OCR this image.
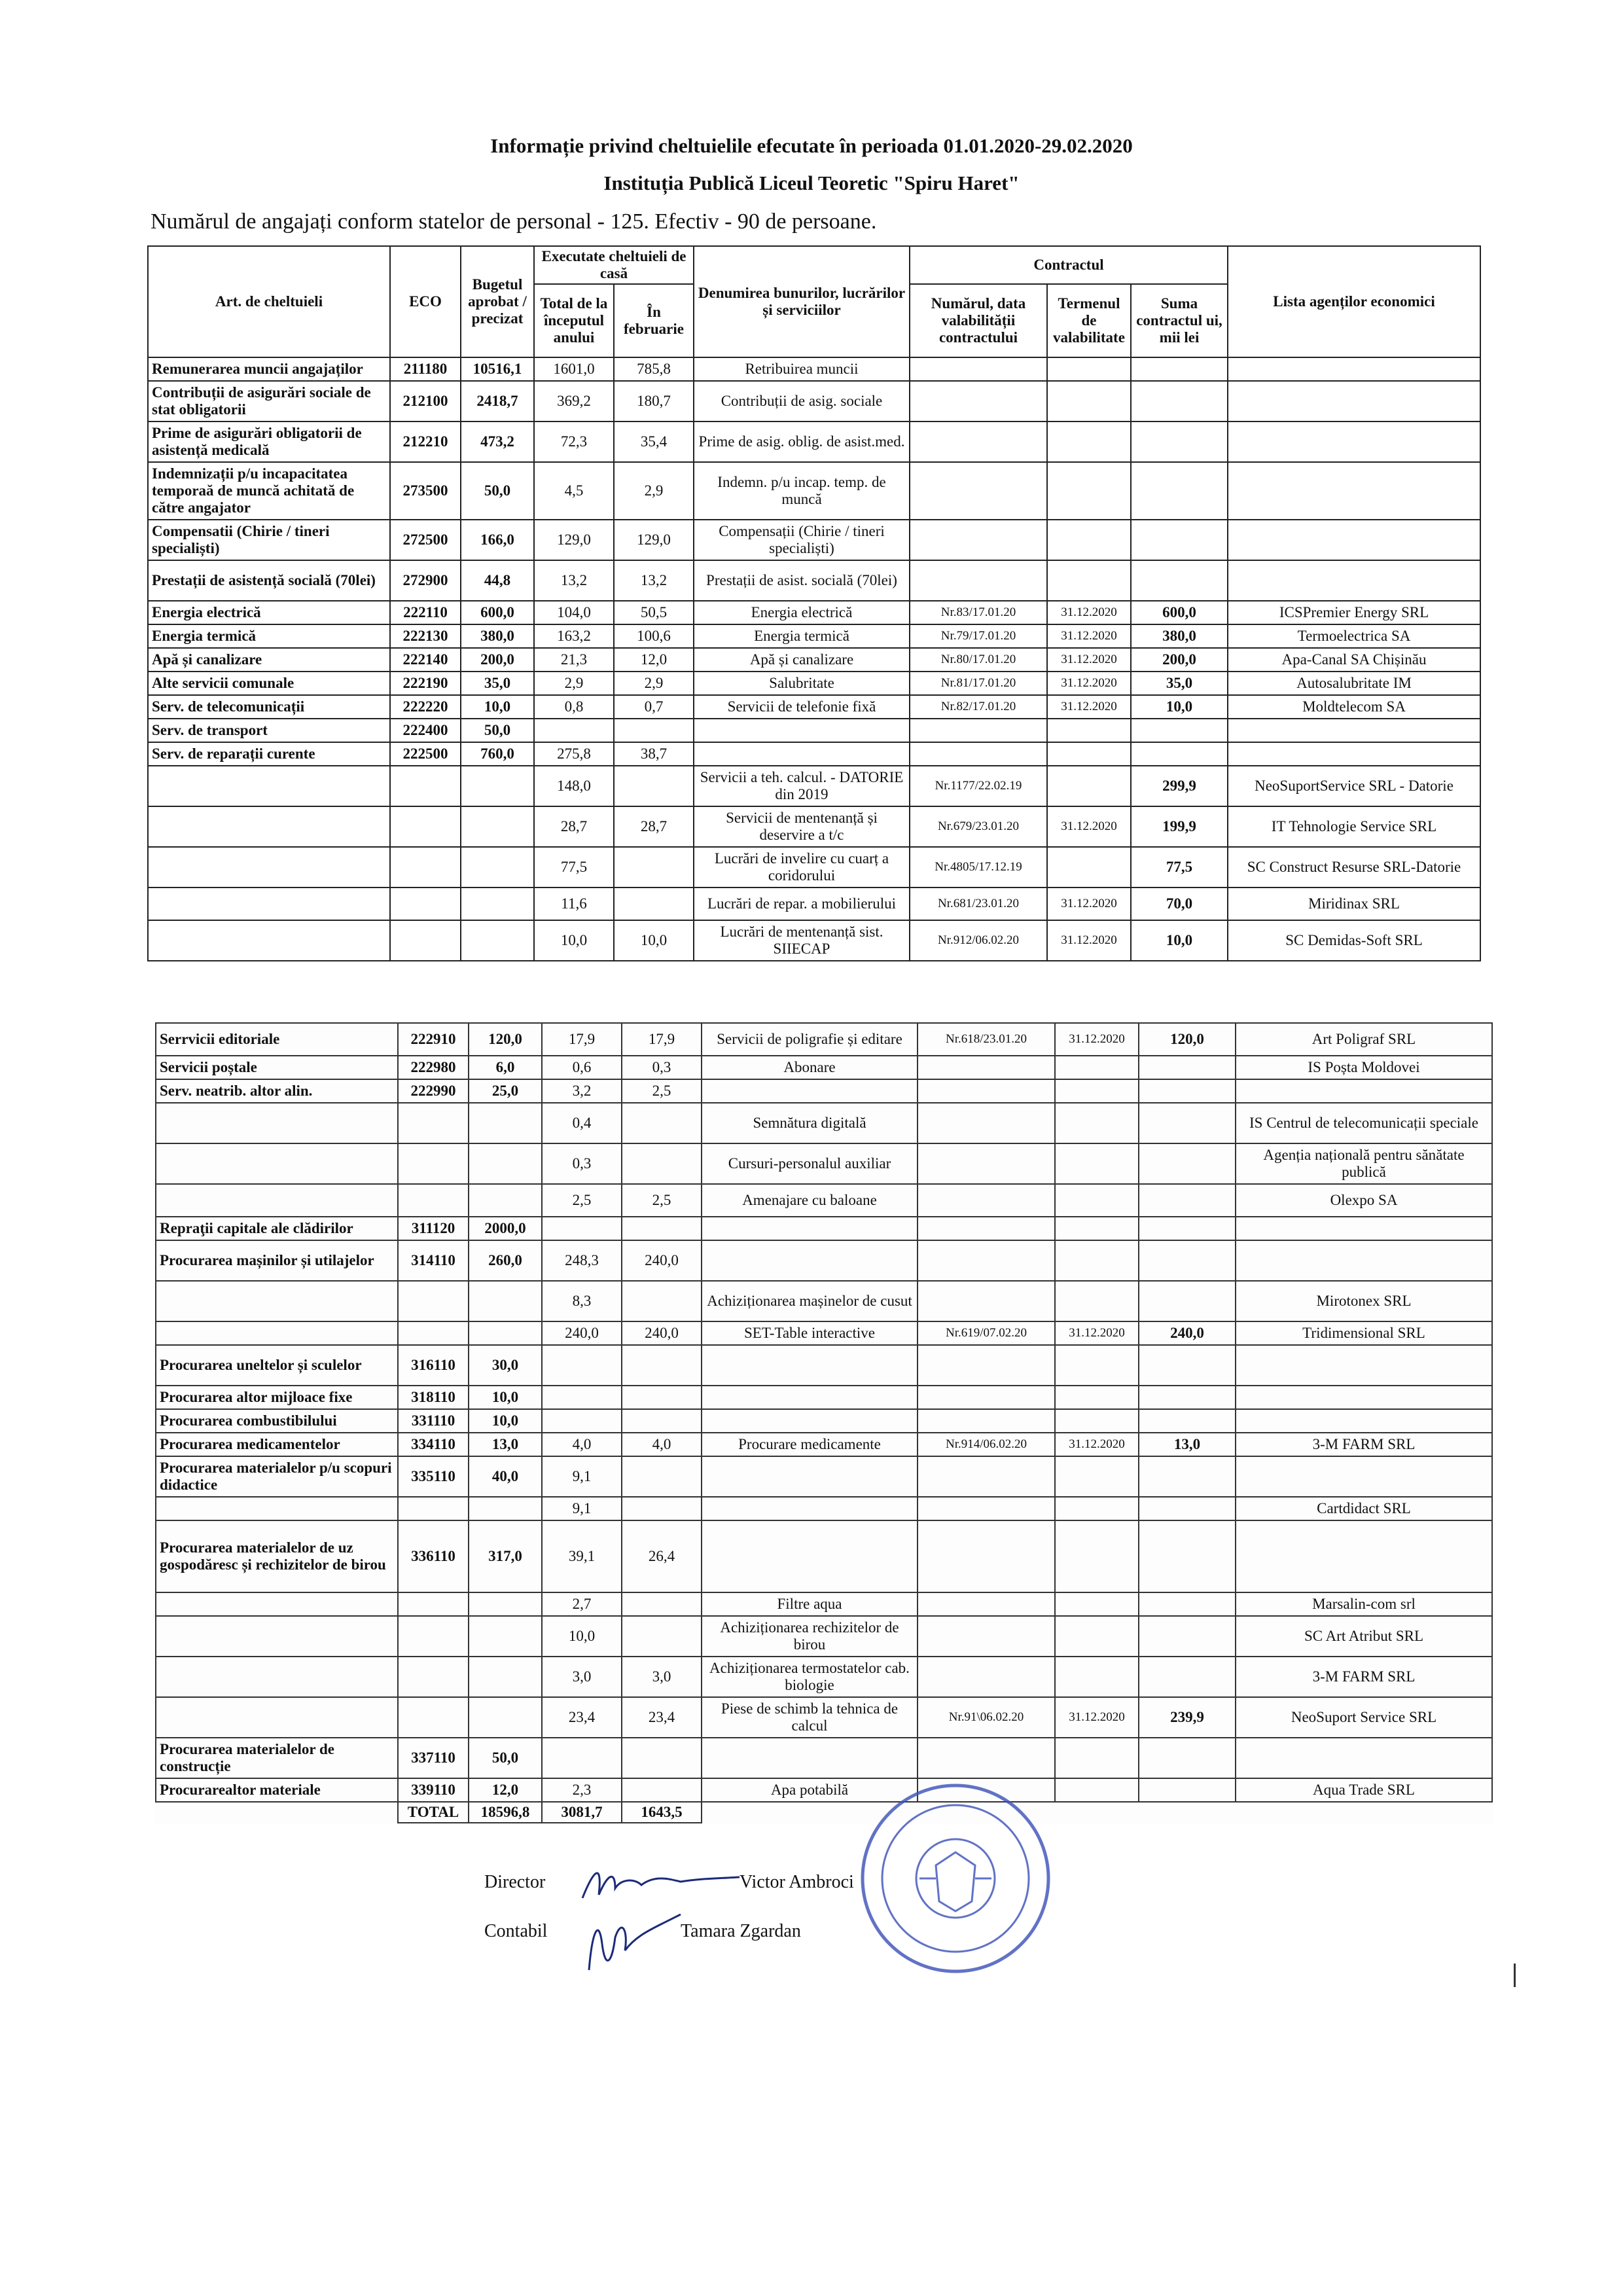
Informație privind cheltuielile efecutate în perioada 01.01.2020-29.02.2020
Instituția Publică Liceul Teoretic "Spiru Haret"
Numărul de angajați conform statelor de personal - 125. Efectiv - 90 de persoane.
Art. de cheltuieli	ECO	Bugetul aprobat / precizat	Executate cheltuieli de casă		Denumirea bunurilor, lucrărilor și serviciilor	Contractul			Lista agenților economici
			Total de la începutul anului	În februarie		Numărul, data valabilității contractului	Termenul de valabilitate	Suma contractul ui, mii lei	
Remunerarea muncii angajaților	211180	10516,1	1601,0	785,8	Retribuirea muncii				
Contribuții de asigurări sociale de stat obligatorii	212100	2418,7	369,2	180,7	Contribuții de asig. sociale				
Prime de asigurări obligatorii de asistență medicală	212210	473,2	72,3	35,4	Prime de asig. oblig. de asist.med.				
Indemnizații p/u incapacitatea temporaă de muncă achitată de către angajator	273500	50,0	4,5	2,9	Indemn. p/u incap. temp. de muncă				
Compensatii (Chirie / tineri specialiști)	272500	166,0	129,0	129,0	Compensații (Chirie / tineri specialiști)				
Prestații de asistență socială (70lei)	272900	44,8	13,2	13,2	Prestații de asist. socială (70lei)				
Energia electrică	222110	600,0	104,0	50,5	Energia electrică	Nr.83/17.01.20	31.12.2020	600,0	ICSPremier Energy SRL
Energia termică	222130	380,0	163,2	100,6	Energia termică	Nr.79/17.01.20	31.12.2020	380,0	Termoelectrica SA
Apă și canalizare	222140	200,0	21,3	12,0	Apă și canalizare	Nr.80/17.01.20	31.12.2020	200,0	Apa-Canal SA Chișinău
Alte servicii comunale	222190	35,0	2,9	2,9	Salubritate	Nr.81/17.01.20	31.12.2020	35,0	Autosalubritate IM
Serv. de telecomunicații	222220	10,0	0,8	0,7	Servicii de telefonie fixă	Nr.82/17.01.20	31.12.2020	10,0	Moldtelecom SA
Serv. de transport	222400	50,0							
Serv. de reparații curente	222500	760,0	275,8	38,7					
			148,0		Servicii a teh. calcul. - DATORIE din 2019	Nr.1177/22.02.19		299,9	NeoSuportService SRL - Datorie
			28,7	28,7	Servicii de mentenanță și deservire a t/c	Nr.679/23.01.20	31.12.2020	199,9	IT Tehnologie Service SRL
			77,5		Lucrări de invelire cu cuarț a coridorului	Nr.4805/17.12.19		77,5	SC Construct Resurse SRL-Datorie
			11,6		Lucrări de repar. a mobilierului	Nr.681/23.01.20	31.12.2020	70,0	Miridinax SRL
			10,0	10,0	Lucrări de mentenanță sist. SIIECAP	Nr.912/06.02.20	31.12.2020	10,0	SC Demidas-Soft SRL
Serrvicii editoriale	222910	120,0	17,9	17,9	Servicii de poligrafie și editare	Nr.618/23.01.20	31.12.2020	120,0	Art Poligraf SRL
Servicii poștale	222980	6,0	0,6	0,3	Abonare				IS Poșta Moldovei
Serv. neatrib. altor alin.	222990	25,0	3,2	2,5					
			0,4		Semnătura digitală				IS Centrul de telecomunicații speciale
			0,3		Cursuri-personalul auxiliar				Agenția națională pentru sănătate publică
			2,5	2,5	Amenajare cu baloane				Olexpo SA
Repraţii capitale ale clădirilor	311120	2000,0							
Procurarea mașinilor și utilajelor	314110	260,0	248,3	240,0					
			8,3		Achiziționarea mașinelor de cusut				Mirotonex SRL
			240,0	240,0	SET-Table interactive	Nr.619/07.02.20	31.12.2020	240,0	Tridimensional SRL
Procurarea uneltelor și sculelor	316110	30,0							
Procurarea altor mijloace fixe	318110	10,0							
Procurarea combustibilului	331110	10,0							
Procurarea medicamentelor	334110	13,0	4,0	4,0	Procurare medicamente	Nr.914/06.02.20	31.12.2020	13,0	3-M FARM SRL
Procurarea materialelor p/u scopuri didactice	335110	40,0	9,1						
			9,1						Cartdidact SRL
Procurarea materialelor de uz gospodăresc și rechizitelor de birou	336110	317,0	39,1	26,4					
			2,7		Filtre aqua				Marsalin-com srl
			10,0		Achiziționarea rechizitelor de birou				SC Art Atribut SRL
			3,0	3,0	Achiziționarea termostatelor cab. biologie				3-M FARM SRL
			23,4	23,4	Piese de schimb la tehnica de calcul	Nr.91\06.02.20	31.12.2020	239,9	NeoSuport Service SRL
Procurarea materialelor de construcție	337110	50,0							
Procurarealtor materiale	339110	12,0	2,3		Apa potabilă				Aqua Trade SRL
	TOTAL	18596,8	3081,7	1643,5					
Director	Victor Ambroci
Contabil	Tamara Zgardan
